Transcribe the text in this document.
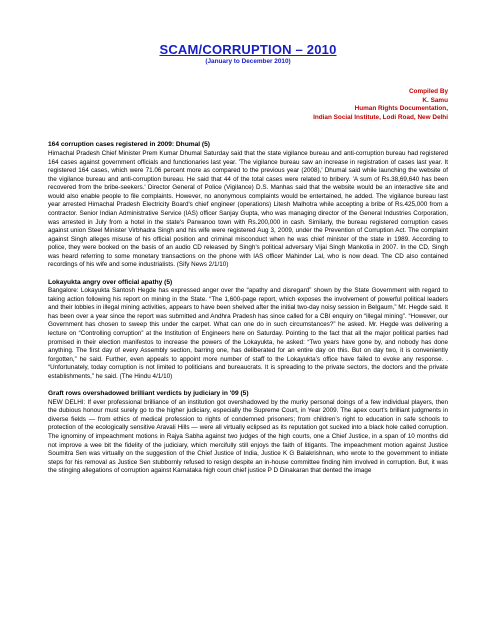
SCAM/CORRUPTION – 2010
(January to December 2010)
Compiled By
K. Samu
Human Rights Documentation,
Indian Social Institute, Lodi Road, New Delhi
164 corruption cases registered in 2009: Dhumal (5)

Himachal Pradesh Chief Minister Prem Kumar Dhumal Saturday said that the state vigilance bureau and anti-corruption bureau had registered 164 cases against government officials and functionaries last year. 'The vigilance bureau saw an increase in registration of cases last year. It registered 164 cases, which were 71.06 percent more as compared to the previous year (2008),' Dhumal said while launching the website of the vigilance bureau and anti-corruption bureau. He said that 44 of the total cases were related to bribery. 'A sum of Rs.38,69,640 has been recovered from the bribe-seekers.' Director General of Police (Vigilance) D.S. Manhas said that the website would be an interactive site and would also enable people to file complaints. However, no anonymous complaints would be entertained, he added. The vigilance bureau last year arrested Himachal Pradesh Electricity Board's chief engineer (operations) Litesh Malhotra while accepting a bribe of Rs.425,000 from a contractor. Senior Indian Administrative Service (IAS) officer Sanjay Gupta, who was managing director of the General Industries Corporation, was arrested in July from a hotel in the state's Parwanoo town with Rs.200,000 in cash. Similarly, the bureau registered corruption cases against union Steel Minister Virbhadra Singh and his wife were registered Aug 3, 2009, under the Prevention of Corruption Act. The complaint against Singh alleges misuse of his official position and criminal misconduct when he was chief minister of the state in 1989. According to police, they were booked on the basis of an audio CD released by Singh's political adversary Vijai Singh Mankotia in 2007. In the CD, Singh was heard referring to some monetary transactions on the phone with IAS officer Mahinder Lal, who is now dead. The CD also contained recordings of his wife and some industrialists. (Sify News 2/1/10)

Lokayukta angry over official apathy (5)

Bangalore: Lokayukta Santosh Hegde has expressed anger over the “apathy and disregard” shown by the State Government with regard to taking action following his report on mining in the State. “The 1,600-page report, which exposes the involvement of powerful political leaders and their lobbies in illegal mining activities, appears to have been shelved after the initial two-day noisy session in Belgaum,” Mr. Hegde said. It has been over a year since the report was submitted and Andhra Pradesh has since called for a CBI enquiry on “illegal mining”. “However, our Government has chosen to sweep this under the carpet. What can one do in such circumstances?” he asked. Mr. Hegde was delivering a lecture on “Controlling corruption” at the Institution of Engineers here on Saturday. Pointing to the fact that all the major political parties had promised in their election manifestos to increase the powers of the Lokayukta, he asked: “Two years have gone by, and nobody has done anything. The first day of every Assembly section, barring one, has deliberated for an entire day on this. But on day two, it is conveniently forgotten,” he said. Further, even appeals to appoint more number of staff to the Lokayukta’s office have failed to evoke any response. . “Unfortunately, today corruption is not limited to politicians and bureaucrats. It is spreading to the private sectors, the doctors and the private establishments,” he said. (The Hindu 4/1/10)

Graft rows overshadowed brilliant verdicts by judiciary in '09 (5)

NEW DELHI: If ever professional brilliance of an institution got overshadowed by the murky personal doings of a few individual players, then the dubious honour must surely go to the higher judiciary, especially the Supreme Court, in Year 2009. The apex court’s brilliant judgments in diverse fields — from ethics of medical profession to rights of condemned prisoners; from children’s right to education in safe schools to protection of the ecologically sensitive Aravali Hills — were all virtually eclipsed as its reputation got sucked into a black hole called corruption. The ignominy of impeachment motions in Rajya Sabha against two judges of the high courts, one a Chief Justice, in a span of 10 months did not improve a wee bit the fidelity of the judiciary, which mercifully still enjoys the faith of litigants. The impeachment motion against Justice Soumitra Sen was virtually on the suggestion of the Chief Justice of India, Justice K G Balakrishnan, who wrote to the government to initiate steps for his removal as Justice Sen stubbornly refused to resign despite an in-house committee finding him involved in corruption. But, it was the stinging allegations of corruption against Karnataka high court chief justice P D Dinakaran that dented the image
